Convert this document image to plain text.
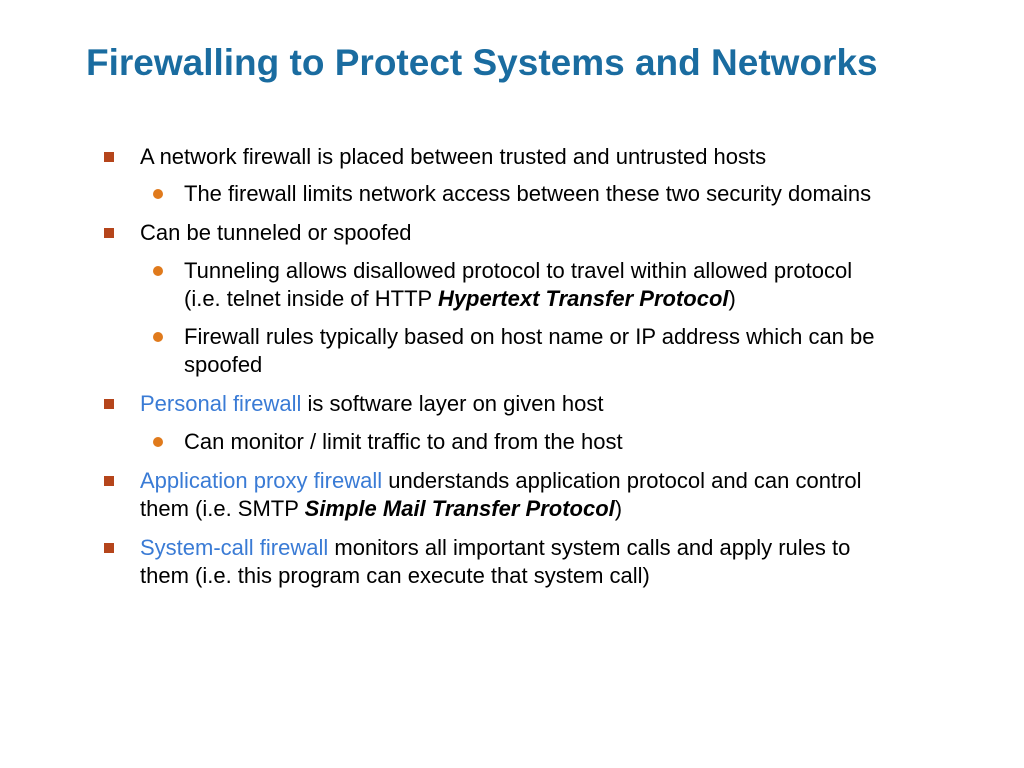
Firewalling to Protect Systems and Networks
A network firewall is placed between trusted and untrusted hosts
The firewall limits network access between these two security domains
Can be tunneled or spoofed
Tunneling allows disallowed protocol to travel within allowed protocol
(i.e. telnet inside of HTTP Hypertext Transfer Protocol)
Firewall rules typically based on host name or IP address which can be
spoofed
Personal firewall is software layer on given host
Can monitor / limit traffic to and from the host
Application proxy firewall understands application protocol and can control
them (i.e. SMTP Simple Mail Transfer Protocol)
System-call firewall monitors all important system calls and apply rules to
them (i.e. this program can execute that system call)
